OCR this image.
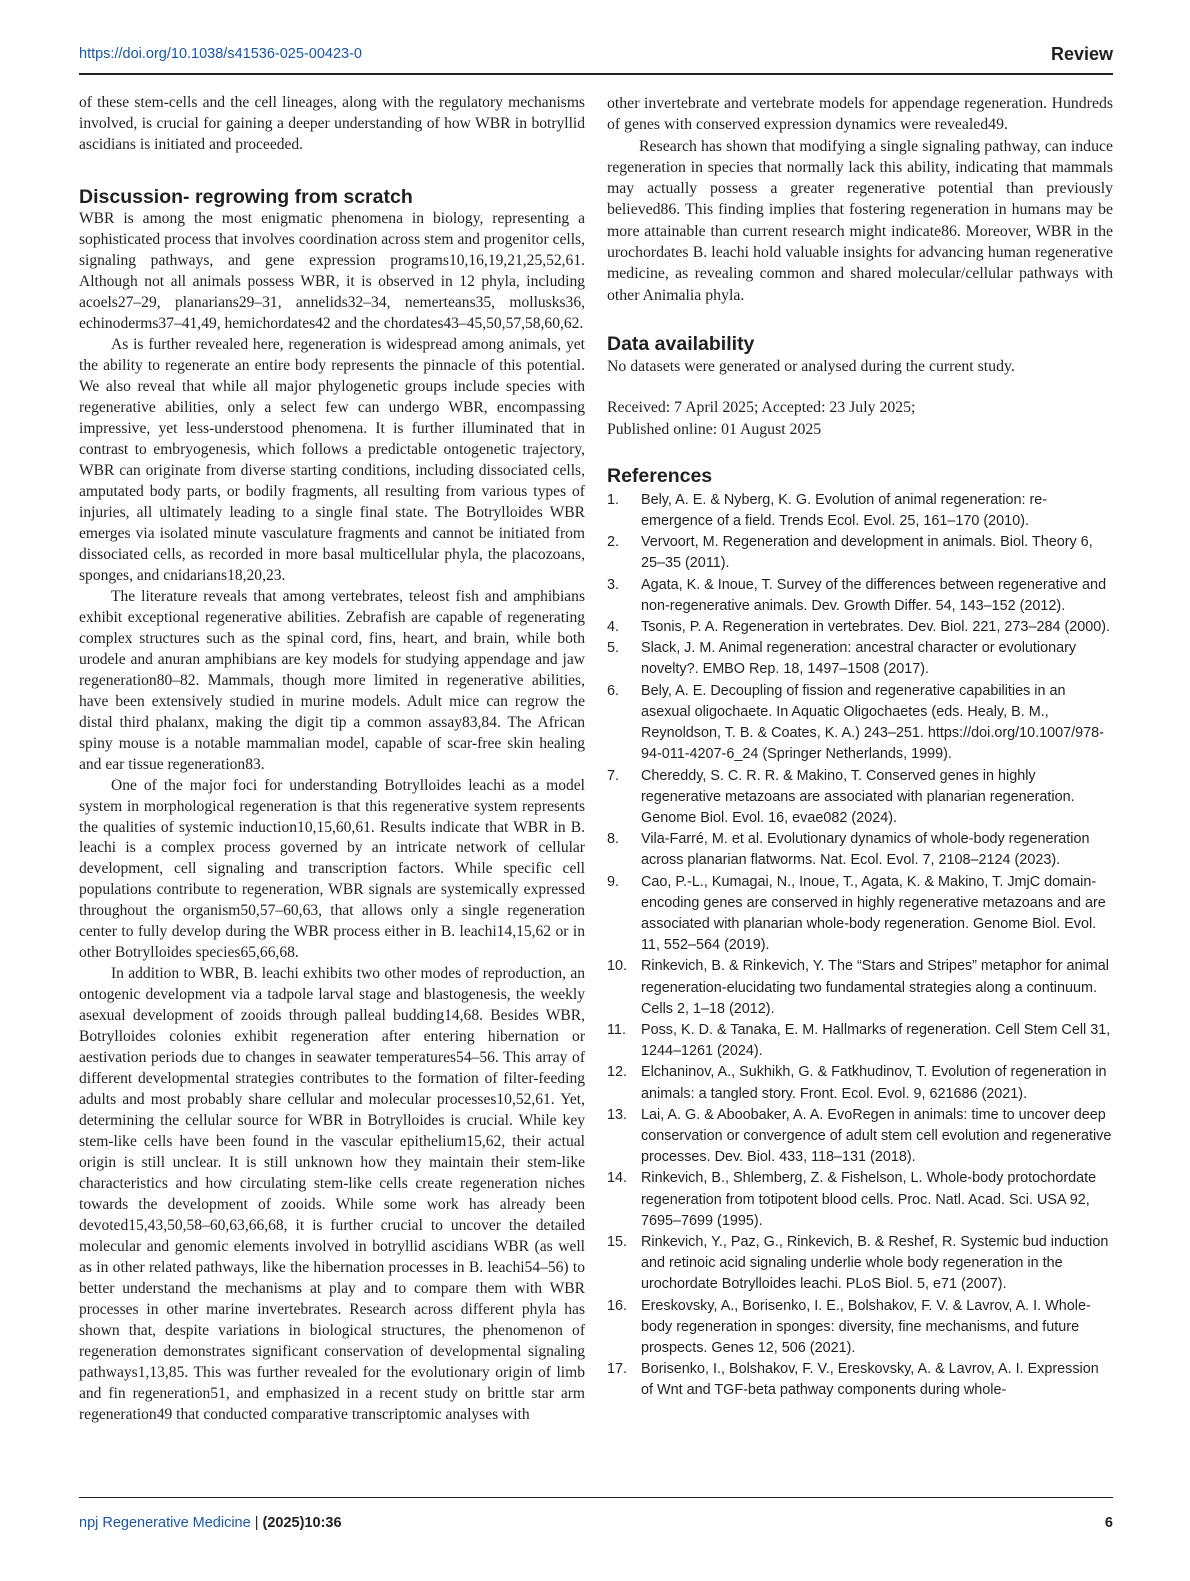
https://doi.org/10.1038/s41536-025-00423-0	Review

of these stem-cells and the cell lineages, along with the regulatory mechanisms involved, is crucial for gaining a deeper understanding of how WBR in botryllid ascidians is initiated and proceeded.

Discussion- regrowing from scratch

WBR is among the most enigmatic phenomena in biology, representing a sophisticated process that involves coordination across stem and progenitor cells, signaling pathways, and gene expression programs10,16,19,21,25,52,61. Although not all animals possess WBR, it is observed in 12 phyla, including acoels27–29, planarians29–31, annelids32–34, nemerteans35, mollusks36, echinoderms37–41,49, hemichordates42 and the chordates43–45,50,57,58,60,62.

As is further revealed here, regeneration is widespread among animals, yet the ability to regenerate an entire body represents the pinnacle of this potential. We also reveal that while all major phylogenetic groups include species with regenerative abilities, only a select few can undergo WBR, encompassing impressive, yet less-understood phenomena. It is further illuminated that in contrast to embryogenesis, which follows a predictable ontogenetic trajectory, WBR can originate from diverse starting conditions, including dissociated cells, amputated body parts, or bodily fragments, all resulting from various types of injuries, all ultimately leading to a single final state. The Botrylloides WBR emerges via isolated minute vasculature fragments and cannot be initiated from dissociated cells, as recorded in more basal multicellular phyla, the placozoans, sponges, and cnidarians18,20,23.

The literature reveals that among vertebrates, teleost fish and amphibians exhibit exceptional regenerative abilities. Zebrafish are capable of regenerating complex structures such as the spinal cord, fins, heart, and brain, while both urodele and anuran amphibians are key models for studying appendage and jaw regeneration80–82. Mammals, though more limited in regenerative abilities, have been extensively studied in murine models. Adult mice can regrow the distal third phalanx, making the digit tip a common assay83,84. The African spiny mouse is a notable mammalian model, capable of scar-free skin healing and ear tissue regeneration83.

One of the major foci for understanding Botrylloides leachi as a model system in morphological regeneration is that this regenerative system represents the qualities of systemic induction10,15,60,61. Results indicate that WBR in B. leachi is a complex process governed by an intricate network of cellular development, cell signaling and transcription factors. While specific cell populations contribute to regeneration, WBR signals are systemically expressed throughout the organism50,57–60,63, that allows only a single regeneration center to fully develop during the WBR process either in B. leachi14,15,62 or in other Botrylloides species65,66,68.

In addition to WBR, B. leachi exhibits two other modes of reproduction, an ontogenic development via a tadpole larval stage and blastogenesis, the weekly asexual development of zooids through palleal budding14,68. Besides WBR, Botrylloides colonies exhibit regeneration after entering hibernation or aestivation periods due to changes in seawater temperatures54–56. This array of different developmental strategies contributes to the formation of filter-feeding adults and most probably share cellular and molecular processes10,52,61. Yet, determining the cellular source for WBR in Botrylloides is crucial. While key stem-like cells have been found in the vascular epithelium15,62, their actual origin is still unclear. It is still unknown how they maintain their stem-like characteristics and how circulating stem-like cells create regeneration niches towards the development of zooids. While some work has already been devoted15,43,50,58–60,63,66,68, it is further crucial to uncover the detailed molecular and genomic elements involved in botryllid ascidians WBR (as well as in other related pathways, like the hibernation processes in B. leachi54–56) to better understand the mechanisms at play and to compare them with WBR processes in other marine invertebrates. Research across different phyla has shown that, despite variations in biological structures, the phenomenon of regeneration demonstrates significant conservation of developmental signaling pathways1,13,85. This was further revealed for the evolutionary origin of limb and fin regeneration51, and emphasized in a recent study on brittle star arm regeneration49 that conducted comparative transcriptomic analyses with

other invertebrate and vertebrate models for appendage regeneration. Hundreds of genes with conserved expression dynamics were revealed49.

Research has shown that modifying a single signaling pathway, can induce regeneration in species that normally lack this ability, indicating that mammals may actually possess a greater regenerative potential than previously believed86. This finding implies that fostering regeneration in humans may be more attainable than current research might indicate86. Moreover, WBR in the urochordates B. leachi hold valuable insights for advancing human regenerative medicine, as revealing common and shared molecular/cellular pathways with other Animalia phyla.

Data availability

No datasets were generated or analysed during the current study.

Received: 7 April 2025; Accepted: 23 July 2025;

Published online: 01 August 2025

References
1.	Bely, A. E. & Nyberg, K. G. Evolution of animal regeneration: re-emergence of a field. Trends Ecol. Evol. 25, 161–170 (2010).
2.	Vervoort, M. Regeneration and development in animals. Biol. Theory 6, 25–35 (2011).
3.	Agata, K. & Inoue, T. Survey of the differences between regenerative and non-regenerative animals. Dev. Growth Differ. 54, 143–152 (2012).
4.	Tsonis, P. A. Regeneration in vertebrates. Dev. Biol. 221, 273–284 (2000).
5.	Slack, J. M. Animal regeneration: ancestral character or evolutionary novelty?. EMBO Rep. 18, 1497–1508 (2017).
6.	Bely, A. E. Decoupling of fission and regenerative capabilities in an asexual oligochaete. In Aquatic Oligochaetes (eds. Healy, B. M., Reynoldson, T. B. & Coates, K. A.) 243–251. https://doi.org/10.1007/978-94-011-4207-6_24 (Springer Netherlands, 1999).
7.	Chereddy, S. C. R. R. & Makino, T. Conserved genes in highly regenerative metazoans are associated with planarian regeneration. Genome Biol. Evol. 16, evae082 (2024).
8.	Vila-Farré, M. et al. Evolutionary dynamics of whole-body regeneration across planarian flatworms. Nat. Ecol. Evol. 7, 2108–2124 (2023).
9.	Cao, P.-L., Kumagai, N., Inoue, T., Agata, K. & Makino, T. JmjC domain-encoding genes are conserved in highly regenerative metazoans and are associated with planarian whole-body regeneration. Genome Biol. Evol. 11, 552–564 (2019).
10. Rinkevich, B. & Rinkevich, Y. The “Stars and Stripes” metaphor for animal regeneration-elucidating two fundamental strategies along a continuum. Cells 2, 1–18 (2012).
11.	Poss, K. D. & Tanaka, E. M. Hallmarks of regeneration. Cell Stem Cell 31, 1244–1261 (2024).
12. Elchaninov, A., Sukhikh, G. & Fatkhudinov, T. Evolution of regeneration in animals: a tangled story. Front. Ecol. Evol. 9, 621686 (2021).
13. Lai, A. G. & Aboobaker, A. A. EvoRegen in animals: time to uncover deep conservation or convergence of adult stem cell evolution and regenerative processes. Dev. Biol. 433, 118–131 (2018).
14. Rinkevich, B., Shlemberg, Z. & Fishelson, L. Whole-body protochordate regeneration from totipotent blood cells. Proc. Natl. Acad. Sci. USA 92, 7695–7699 (1995).
15. Rinkevich, Y., Paz, G., Rinkevich, B. & Reshef, R. Systemic bud induction and retinoic acid signaling underlie whole body regeneration in the urochordate Botrylloides leachi. PLoS Biol. 5, e71 (2007).
16. Ereskovsky, A., Borisenko, I. E., Bolshakov, F. V. & Lavrov, A. I. Whole-body regeneration in sponges: diversity, fine mechanisms, and future prospects. Genes 12, 506 (2021).
17. Borisenko, I., Bolshakov, F. V., Ereskovsky, A. & Lavrov, A. I. Expression of Wnt and TGF-beta pathway components during whole-
npj Regenerative Medicine | (2025)10:36	6
